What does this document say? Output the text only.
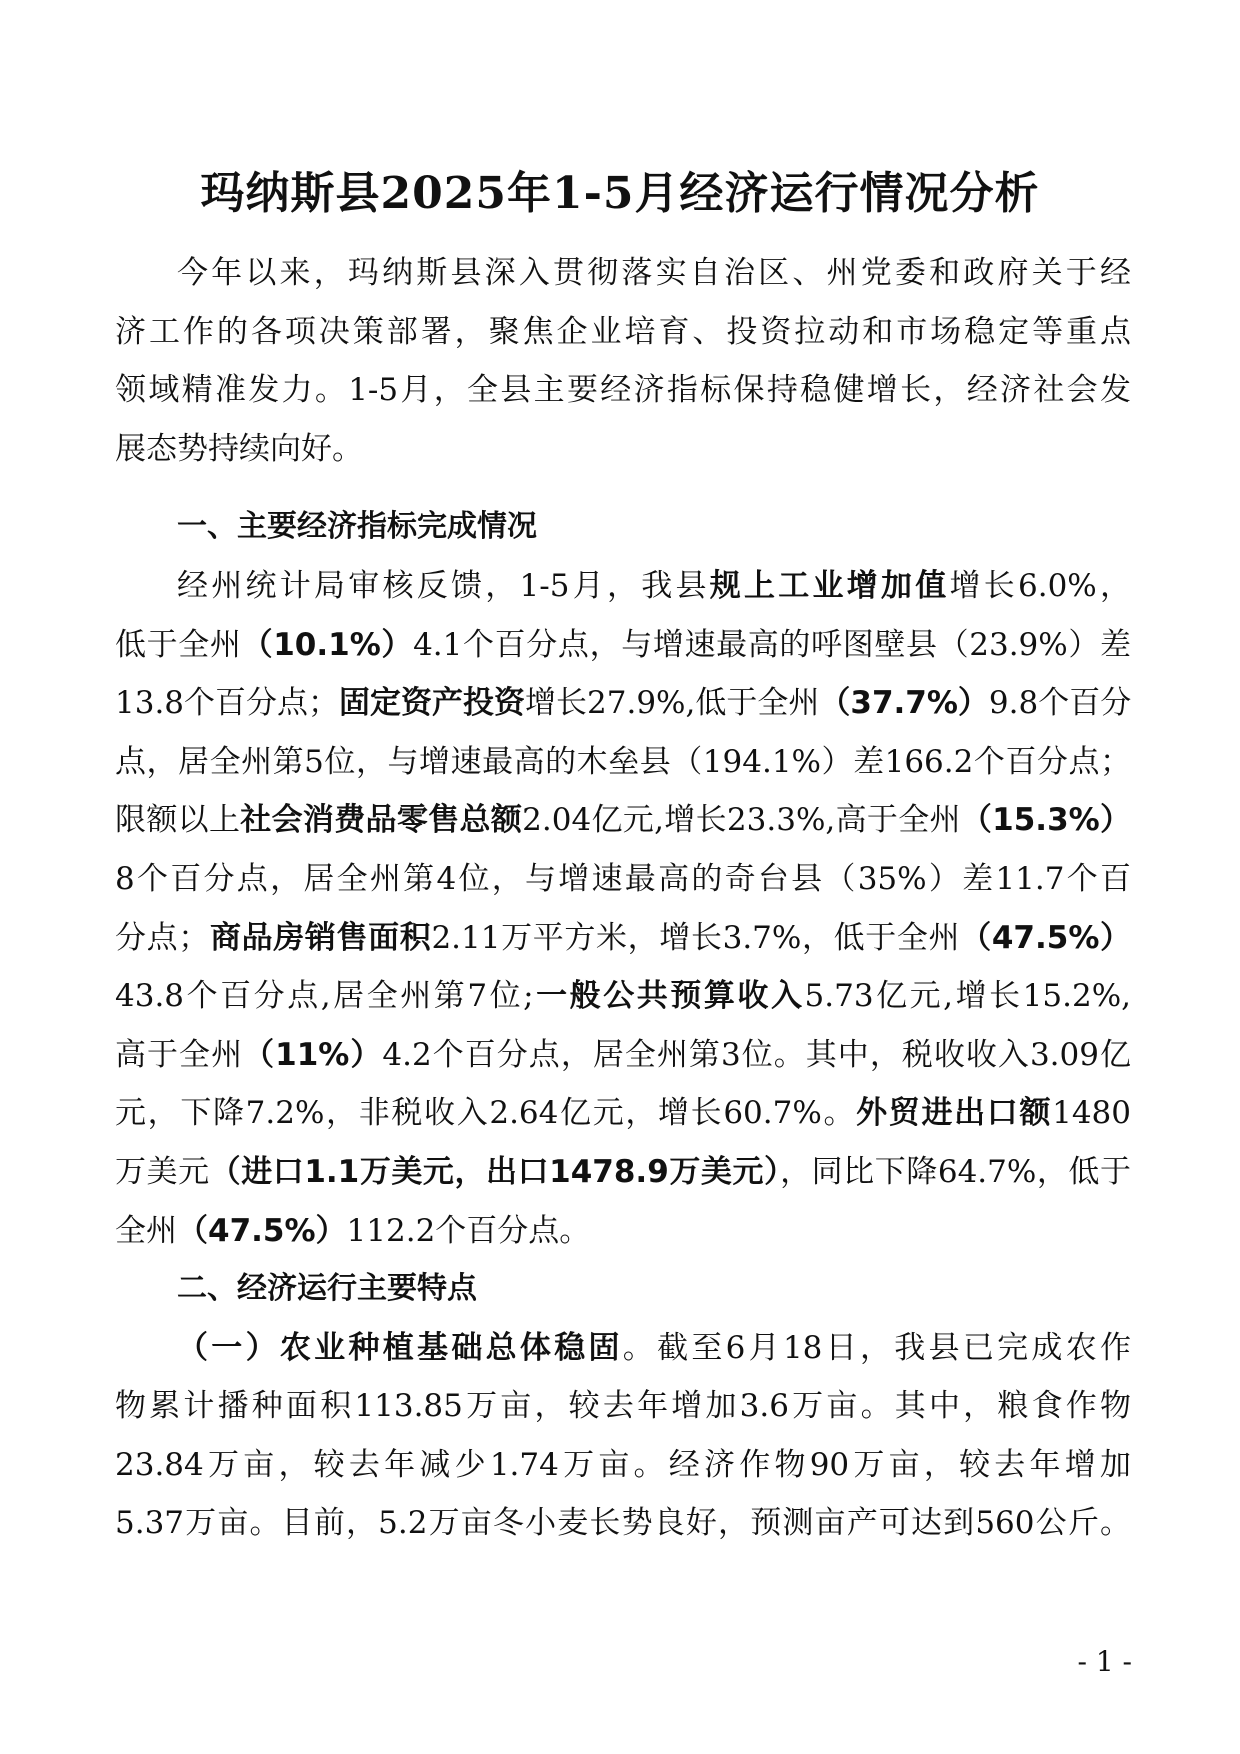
玛纳斯县2025年1-5月经济运行情况分析
今年以来，玛纳斯县深入贯彻落实自治区、州党委和政府关于经
济工作的各项决策部署，聚焦企业培育、投资拉动和市场稳定等重点
领域精准发力。1-5月，全县主要经济指标保持稳健增长，经济社会发
展态势持续向好。
一、主要经济指标完成情况
经州统计局审核反馈，1-5月，我县规上工业增加值增长6.0%，
低于全州（10.1%）4.1个百分点，与增速最高的呼图壁县（23.9%）差
13.8个百分点；固定资产投资增长27.9%,低于全州（37.7%）9.8个百分
点，居全州第5位，与增速最高的木垒县（194.1%）差166.2个百分点；
限额以上社会消费品零售总额2.04亿元,增长23.3%,高于全州（15.3%）
8个百分点，居全州第4位，与增速最高的奇台县（35%）差11.7个百
分点；商品房销售面积2.11万平方米，增长3.7%，低于全州（47.5%）
43.8个百分点,居全州第7位;一般公共预算收入5.73亿元,增长15.2%,
高于全州（11%）4.2个百分点，居全州第3位。其中，税收收入3.09亿
元，下降7.2%，非税收入2.64亿元，增长60.7%。外贸进出口额1480
万美元（进口1.1万美元，出口1478.9万美元），同比下降64.7%，低于
全州（47.5%）112.2个百分点。
二、经济运行主要特点
（一）农业种植基础总体稳固。截至6月18日，我县已完成农作
物累计播种面积113.85万亩，较去年增加3.6万亩。其中，粮食作物
23.84万亩，较去年减少1.74万亩。经济作物90万亩，较去年增加
5.37万亩。目前，5.2万亩冬小麦长势良好，预测亩产可达到560公斤。
- 1 -
